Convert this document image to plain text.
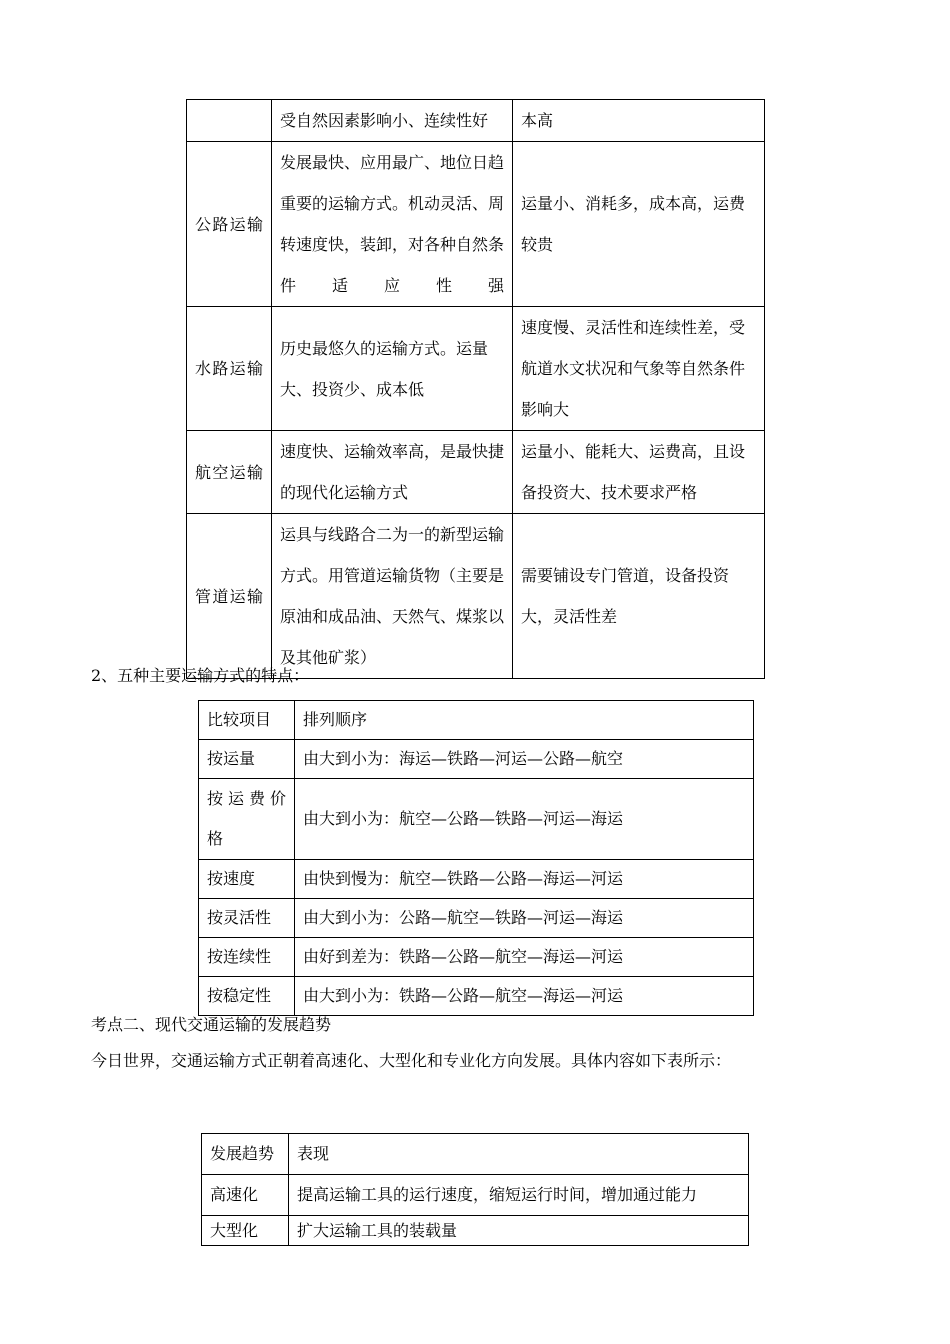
	受自然因素影响小、连续性好	本高
公路运输	发展最快、应用最广、地位日趋重要的运输方式。机动灵活、周转速度快，装卸，对各种自然条件适应性强	运量小、消耗多，成本高，运费较贵
水路运输	历史最悠久的运输方式。运量大、投资少、成本低	速度慢、灵活性和连续性差，受航道水文状况和气象等自然条件影响大
航空运输	速度快、运输效率高，是最快捷的现代化运输方式	运量小、能耗大、运费高，且设备投资大、技术要求严格
管道运输	运具与线路合二为一的新型运输方式。用管道运输货物（主要是原油和成品油、天然气、煤浆以及其他矿浆）	需要铺设专门管道，设备投资大，灵活性差
2、五种主要运输方式的特点：
比较项目	排列顺序
按运量	由大到小为：海运—铁路—河运—公路—航空
按运费价格	由大到小为：航空—公路—铁路—河运—海运
按速度	由快到慢为：航空—铁路—公路—海运—河运
按灵活性	由大到小为：公路—航空—铁路—河运—海运
按连续性	由好到差为：铁路—公路—航空—海运—河运
按稳定性	由大到小为：铁路—公路—航空—海运—河运
考点二、现代交通运输的发展趋势
今日世界，交通运输方式正朝着高速化、大型化和专业化方向发展。具体内容如下表所示：
发展趋势	表现
高速化	提高运输工具的运行速度，缩短运行时间，增加通过能力
大型化	扩大运输工具的装载量
